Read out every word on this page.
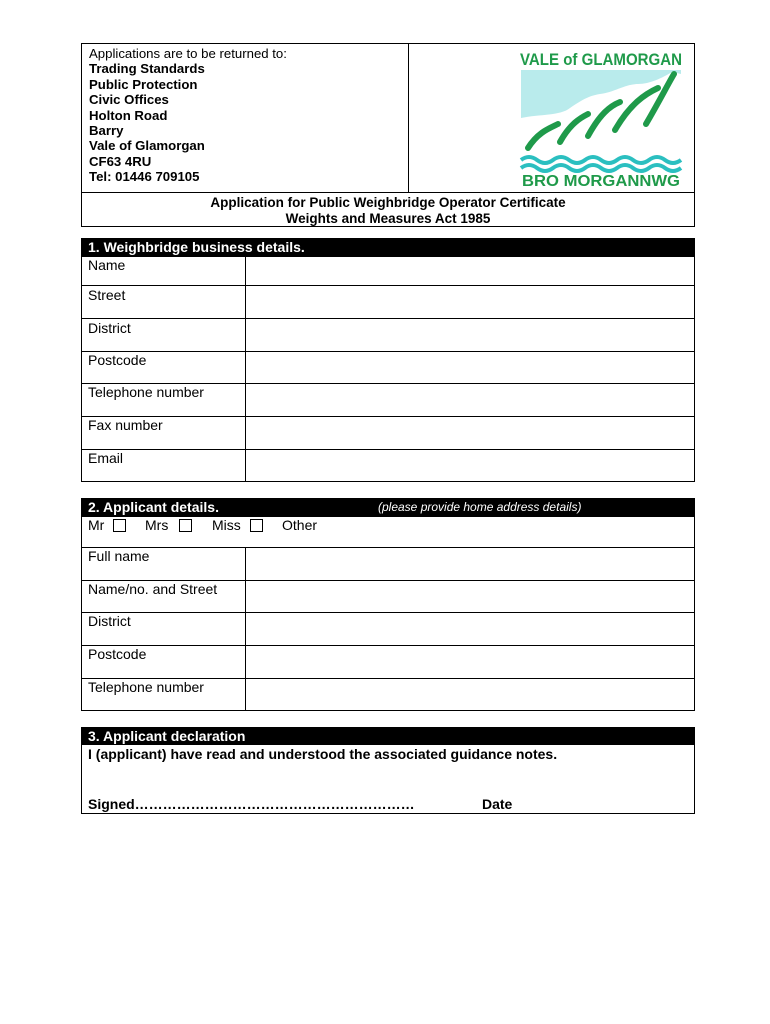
Applications are to be returned to:
Trading Standards
Public Protection
Civic Offices
Holton Road
Barry
Vale of Glamorgan
CF63 4RU
Tel: 01446 709105
VALE of GLAMORGAN
BRO MORGANNWG
Application for Public Weighbridge Operator Certificate
Weights and Measures Act 1985
1. Weighbridge business details.
Name
Street
District
Postcode
Telephone number
Fax number
Email
2. Applicant details.	(please provide home address details)
Mr	Mrs	Miss	Other
Full name
Name/no. and Street
District
Postcode
Telephone number
3. Applicant declaration
I (applicant) have read and understood the associated guidance notes.
Signed……………………………………………………	Date
